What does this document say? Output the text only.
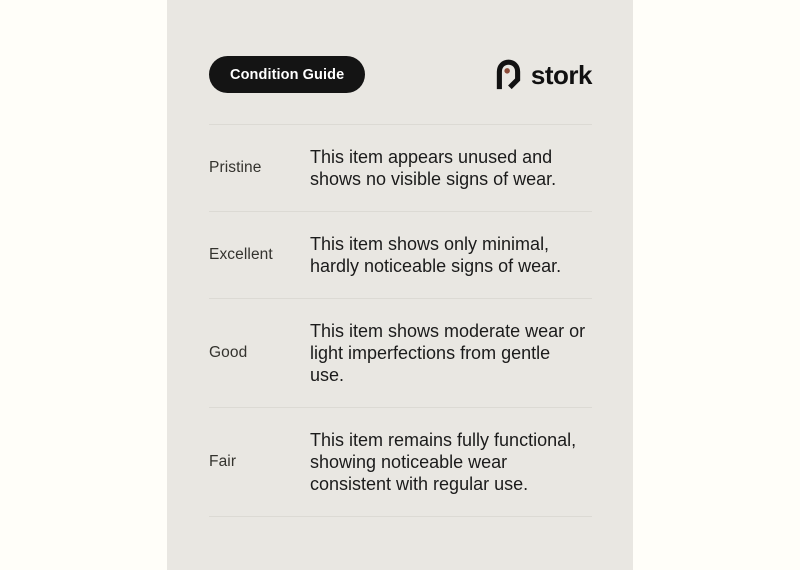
Condition Guide	stork
Pristine
This item appears unused and shows no visible signs of wear.
Excellent
This item shows only minimal, hardly noticeable signs of wear.
Good
This item shows moderate wear or light imperfections from gentle use.
Fair
This item remains fully functional, showing noticeable wear consistent with regular use.
